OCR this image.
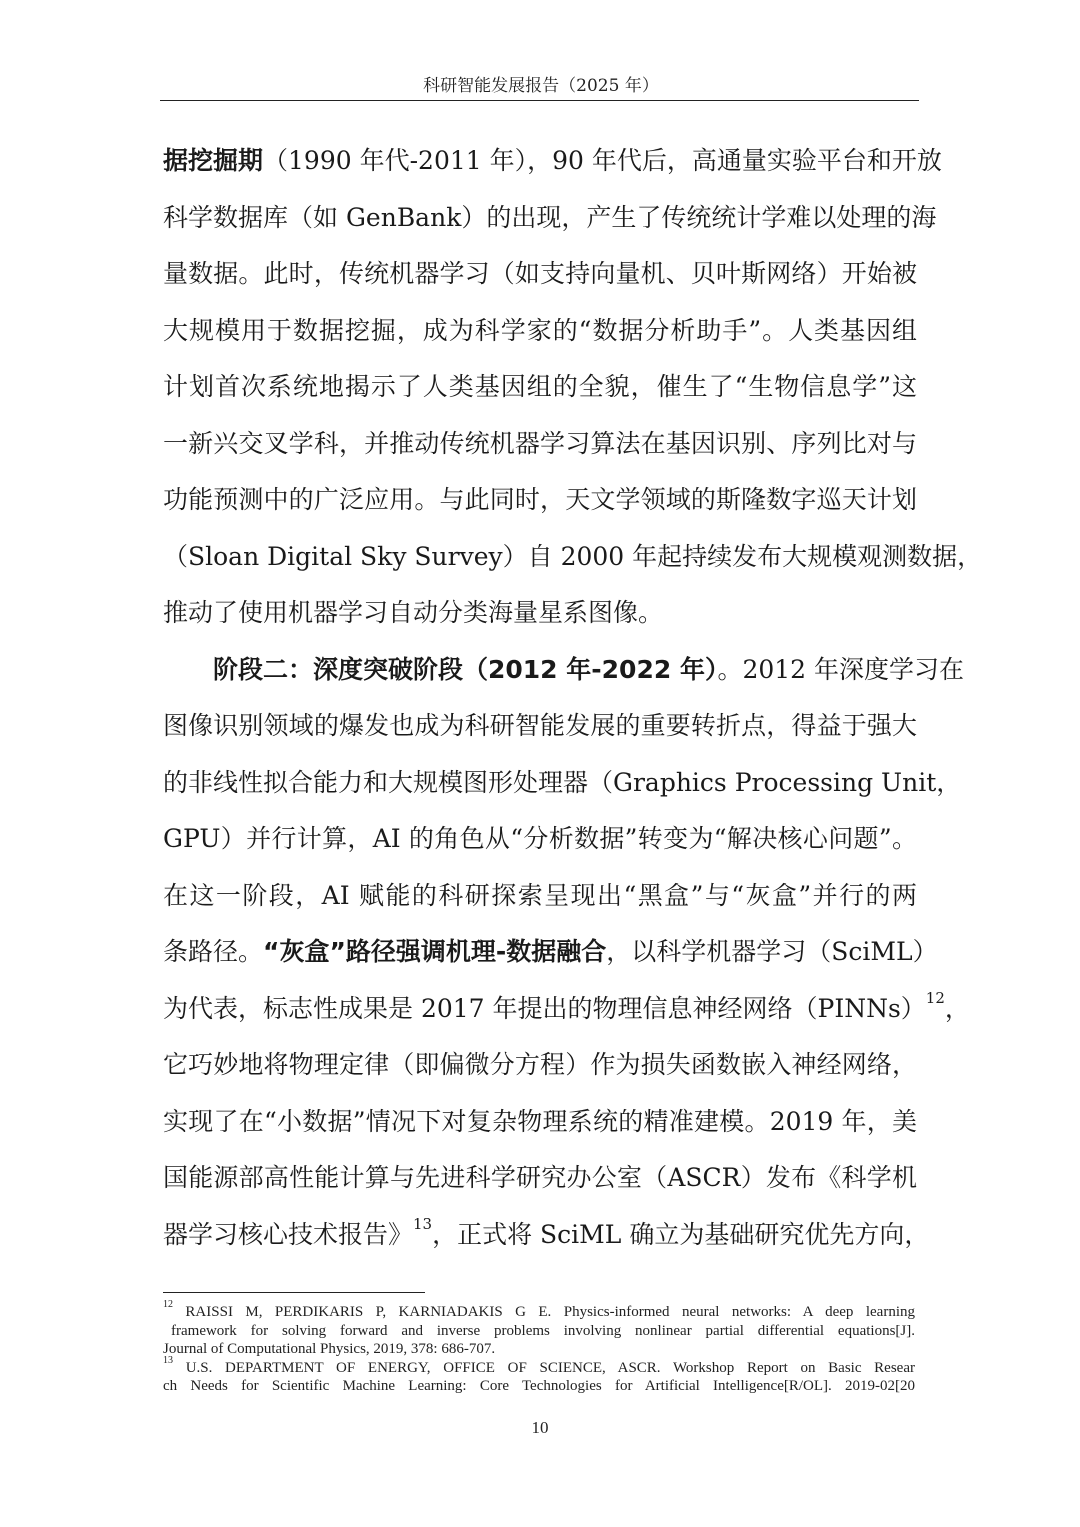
科研智能发展报告（2025 年）
据挖掘期（1990 年代-2011 年），90 年代后，高通量实验平台和开放
科学数据库（如 GenBank）的出现，产生了传统统计学难以处理的海
量数据。此时，传统机器学习（如支持向量机、贝叶斯网络）开始被
大规模用于数据挖掘，成为科学家的“数据分析助手”。人类基因组
计划首次系统地揭示了人类基因组的全貌，催生了“生物信息学”这
一新兴交叉学科，并推动传统机器学习算法在基因识别、序列比对与
功能预测中的广泛应用。与此同时，天文学领域的斯隆数字巡天计划
（Sloan Digital Sky Survey）自 2000 年起持续发布大规模观测数据，
推动了使用机器学习自动分类海量星系图像。
阶段二：深度突破阶段（2012 年-2022 年）。2012 年深度学习在
图像识别领域的爆发也成为科研智能发展的重要转折点，得益于强大
的非线性拟合能力和大规模图形处理器（Graphics Processing Unit，
GPU）并行计算，AI 的角色从“分析数据”转变为“解决核心问题”。
在这一阶段，AI 赋能的科研探索呈现出“黑盒”与“灰盒”并行的两
条路径。“灰盒”路径强调机理-数据融合，以科学机器学习（SciML）
为代表，标志性成果是 2017 年提出的物理信息神经网络（PINNs）$^{12}$，
它巧妙地将物理定律（即偏微分方程）作为损失函数嵌入神经网络，
实现了在“小数据”情况下对复杂物理系统的精准建模。2019 年，美
国能源部高性能计算与先进科学研究办公室（ASCR）发布《科学机
器学习核心技术报告》$^{13}$，正式将 SciML 确立为基础研究优先方向，
$^{12}$ RAISSI M, PERDIKARIS P, KARNIADAKIS G E. Physics-informed neural networks: A deep learning
framework for solving forward and inverse problems involving nonlinear partial differential equations[J].
Journal of Computational Physics, 2019, 378: 686-707.
$^{13}$ U.S. DEPARTMENT OF ENERGY, OFFICE OF SCIENCE, ASCR. Workshop Report on Basic Resear
ch Needs for Scientific Machine Learning: Core Technologies for Artificial Intelligence[R/OL]. 2019-02[20
10
